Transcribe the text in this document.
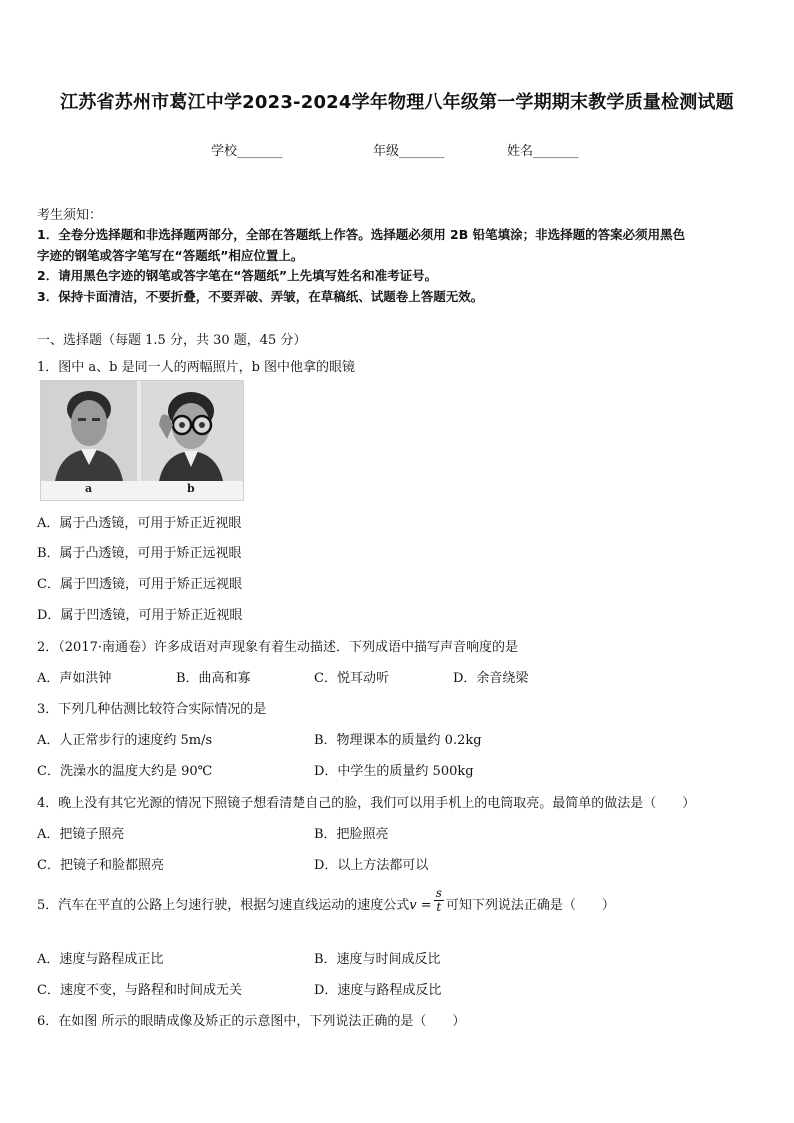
江苏省苏州市葛江中学2023-2024学年物理八年级第一学期期末教学质量检测试题
学校_______	年级_______	姓名_______
考生须知：
1．全卷分选择题和非选择题两部分，全部在答题纸上作答。选择题必须用 2B 铅笔填涂；非选择题的答案必须用黑色
字迹的钢笔或答字笔写在“答题纸”相应位置上。
2．请用黑色字迹的钢笔或答字笔在“答题纸”上先填写姓名和准考证号。
3．保持卡面清洁，不要折叠，不要弄破、弄皱，在草稿纸、试题卷上答题无效。
一、选择题（每题 1.5 分，共 30 题，45 分）
1．图中 a、b 是同一人的两幅照片，b 图中他拿的眼镜
a	b
A．属于凸透镜，可用于矫正近视眼
B．属于凸透镜，可用于矫正远视眼
C．属于凹透镜，可用于矫正远视眼
D．属于凹透镜，可用于矫正近视眼
2．（2017·南通卷）许多成语对声现象有着生动描述．下列成语中描写声音响度的是
A．声如洪钟	B．曲高和寡	C．悦耳动听	D．余音绕梁
3．下列几种估测比较符合实际情况的是
A．人正常步行的速度约 5m/s	B．物理课本的质量约 0.2kg
C．洗澡水的温度大约是 90℃	D．中学生的质量约 500kg
4．晚上没有其它光源的情况下照镜子想看清楚自己的脸，我们可以用手机上的电筒取亮。最简单的做法是（　　）
A．把镜子照亮	B．把脸照亮
C．把镜子和脸都照亮	D．以上方法都可以
5．汽车在平直的公路上匀速行驶，根据匀速直线运动的速度公式$v = \frac{s}{t}$ 可知下列说法正确是（　　）
A．速度与路程成正比	B．速度与时间成反比
C．速度不变，与路程和时间成无关	D．速度与路程成反比
6．在如图 所示的眼睛成像及矫正的示意图中，下列说法正确的是（　　）
